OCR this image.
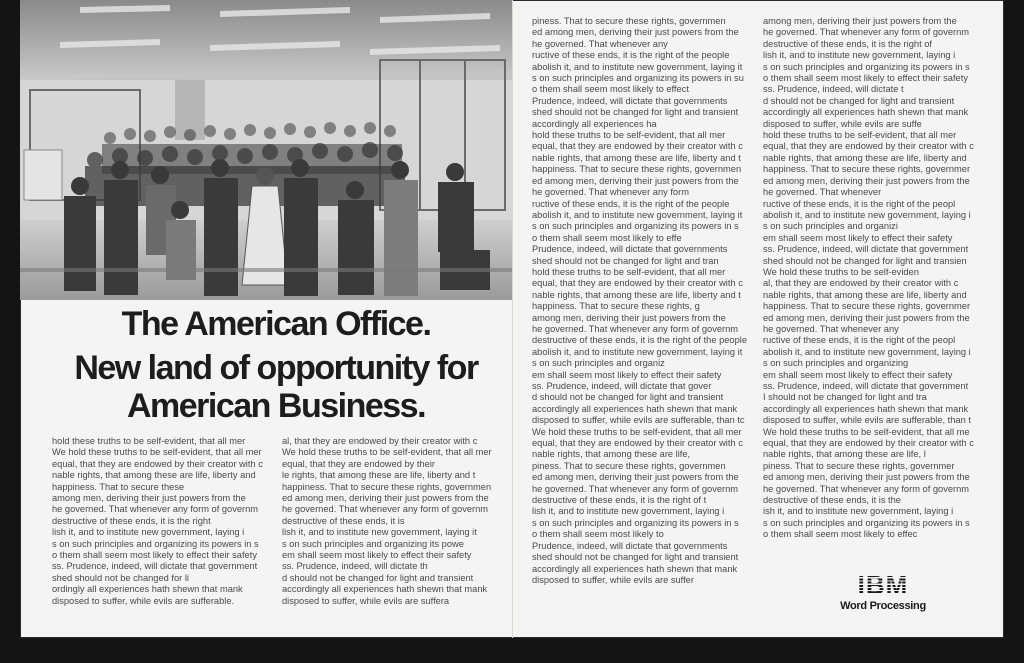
The American Office.
New land of opportunity for
American Business.

hold these truths to be self-evident, that all mer

We hold these truths to be self-evident, that all mer

equal, that they are endowed by their creator with c

nable rights, that among these are life, liberty and

happiness. That to secure these

among men, deriving their just powers from the

he governed. That whenever any form of governm

destructive of these ends, it is the right

lish it, and to institute new government, laying i

s on such principles and organizing its powers in s

o them shall seem most likely to effect their safety

ss. Prudence, indeed, will dictate that government

shed should not be changed for li

ordingly all experiences hath shewn that mank

disposed to suffer, while evils are sufferable.

al, that they are endowed by their creator with c

We hold these truths to be self-evident, that all mer

equal, that they are endowed by their

le rights, that among these are life, liberty and t

happiness. That to secure these rights, governmen

ed among men, deriving their just powers from the

he governed. That whenever any form of governm

destructive of these ends, it is

lish it, and to institute new government, laying it

s on such principles and organizing its powe

em shall seem most likely to effect their safety

ss. Prudence, indeed, will dictate th

d should not be changed for light and transient

accordingly all experiences hath shewn that mank

disposed to suffer, while evils are suffera

piness. That to secure these rights, governmen

ed among men, deriving their just powers from the

he governed. That whenever any

ructive of these ends, it is the right of the people

abolish it, and to institute new government, laying it

s on such principles and organizing its powers in su

o them shall seem most likely to effect

Prudence, indeed, will dictate that governments

shed should not be changed for light and transient

accordingly all experiences ha

hold these truths to be self-evident, that all mer

equal, that they are endowed by their creator with c

nable rights, that among these are life, liberty and t

happiness. That to secure these rights, governmen

ed among men, deriving their just powers from the

he governed. That whenever any form

ructive of these ends, it is the right of the people

abolish it, and to institute new government, laying it

s on such principles and organizing its powers in s

o them shall seem most likely to effe

Prudence, indeed, will dictate that governments

shed should not be changed for light and tran

hold these truths to be self-evident, that all mer

equal, that they are endowed by their creator with c

nable rights, that among these are life, liberty and t

happiness. That to secure these rights, g

among men, deriving their just powers from the

he governed. That whenever any form of governm

destructive of these ends, it is the right of the people

abolish it, and to institute new government, laying it

s on such principles and organiz

em shall seem most likely to effect their safety

ss. Prudence, indeed, will dictate that gover

d should not be changed for light and transient

accordingly all experiences hath shewn that mank

disposed to suffer, while evils are sufferable, than tc

We hold these truths to be self-evident, that all mer

equal, that they are endowed by their creator with c

nable rights, that among these are life,

piness. That to secure these rights, governmen

ed among men, deriving their just powers from the

he governed. That whenever any form of governm

destructive of these ends, it is the right of t

lish it, and to institute new government, laying i

s on such principles and organizing its powers in s

o them shall seem most likely to

Prudence, indeed, will dictate that governments

shed should not be changed for light and transient

accordingly all experiences hath shewn that mank

disposed to suffer, while evils are suffer

among men, deriving their just powers from the

he governed. That whenever any form of governm

destructive of these ends, it is the right of

lish it, and to institute new government, laying i

s on such principles and organizing its powers in s

o them shall seem most likely to effect their safety

ss. Prudence, indeed, will dictate t

d should not be changed for light and transient

accordingly all experiences hath shewn that mank

disposed to suffer, while evils are suffe

hold these truths to be self-evident, that all mer

equal, that they are endowed by their creator with c

nable rights, that among these are life, liberty and

happiness. That to secure these rights, governmer

ed among men, deriving their just powers from the

he governed. That whenever

ructive of these ends, it is the right of the peopl

abolish it, and to institute new government, laying i

s on such principles and organizi

em shall seem most likely to effect their safety

ss. Prudence, indeed, will dictate that government

shed should not be changed for light and transien

We hold these truths to be self-eviden

al, that they are endowed by their creator with c

nable rights, that among these are life, liberty and

happiness. That to secure these rights, governmer

ed among men, deriving their just powers from the

he governed. That whenever any

ructive of these ends, it is the right of the peopl

abolish it, and to institute new government, laying i

s on such principles and organizing

em shall seem most likely to effect their safety

ss. Prudence, indeed, will dictate that government

I should not be changed for light and tra

accordingly all experiences hath shewn that mank

disposed to suffer, while evils are sufferable, than t

We hold these truths to be self-evident, that all me

equal, that they are endowed by their creator with c

nable rights, that among these are life, l

piness. That to secure these rights, governmer

ed among men, deriving their just powers from the

he governed. That whenever any form of governm

destructive of these ends, it is the

ish it, and to institute new government, laying i

s on such principles and organizing its powers in s

o them shall seem most likely to effec

IBM
Word Processing
